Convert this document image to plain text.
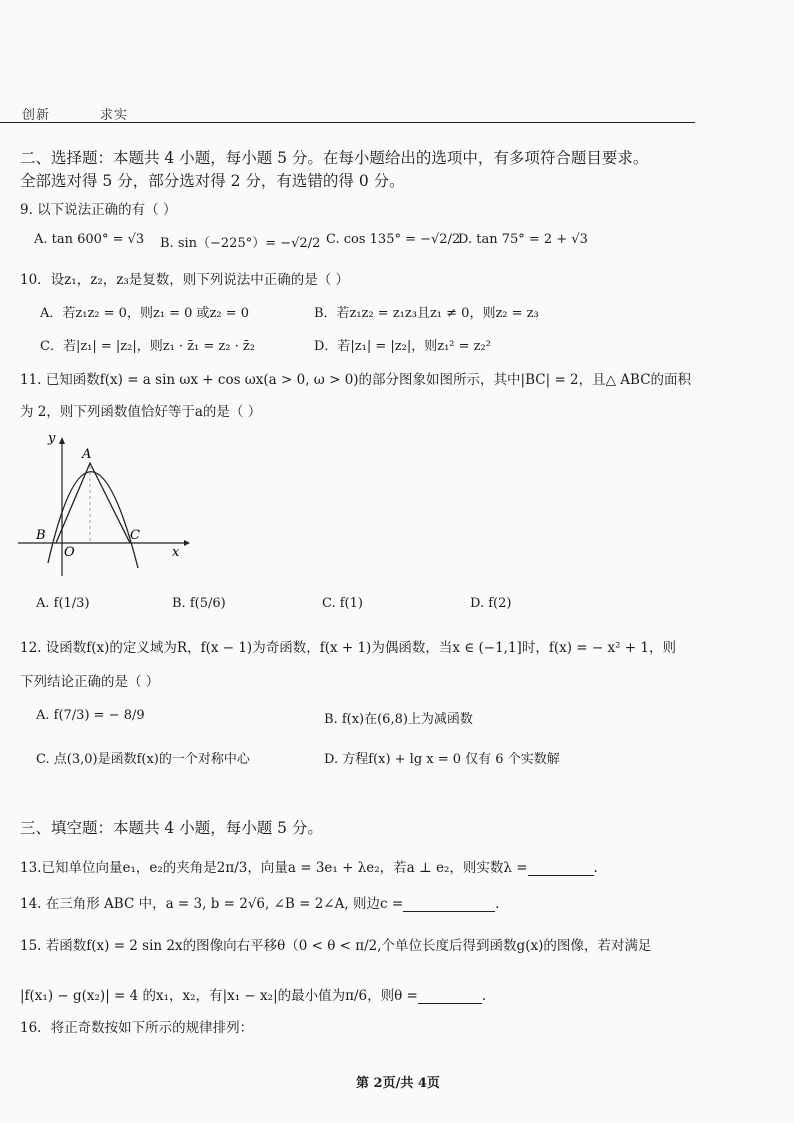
创新	求实
二、选择题：本题共 4 小题，每小题 5 分。在每小题给出的选项中，有多项符合题目要求。
全部选对得 5 分，部分选对得 2 分，有选错的得 0 分。
9. 以下说法正确的有（ ）
A. tan 600° = √3 B. sin（−225°）= −√2/2 C. cos 135° = −√2/2
D. tan 75° = 2 + √3
10．设z₁，z₂，z₃是复数，则下列说法中正确的是（ ）
A．若z₁z₂ = 0，则z₁ = 0 或z₂ = 0	B．若z₁z₂ = z₁z₃且z₁ ≠ 0，则z₂ = z₃
C．若|z₁| = |z₂|，则z₁ · z̄₁ = z₂ · z̄₂	D．若|z₁| = |z₂|，则z₁² = z₂²
11. 已知函数f(x) = a sin ωx + cos ωx(a > 0, ω > 0)的部分图象如图所示，其中|BC| = 2，且△ ABC的面积
为 2，则下列函数值恰好等于a的是（ ）
y
x
A
B	C
O
A. f(1/3)	B. f(5/6)	C. f(1)	D. f(2)
12. 设函数f(x)的定义域为R，f(x − 1)为奇函数，f(x + 1)为偶函数，当x ∈ (−1,1]时，f(x) = − x² + 1，则
下列结论正确的是（ ）
A. f(7/3) = − 8/9	B. f(x)在(6,8)上为减函数
C. 点(3,0)是函数f(x)的一个对称中心	D. 方程f(x) + lg x = 0 仅有 6 个实数解
三、填空题：本题共 4 小题，每小题 5 分。
13.已知单位向量e₁，e₂的夹角是2π/3，向量a = 3e₁ + λe₂，若a ⊥ e₂，则实数λ =	.
14. 在三角形 ABC 中，a = 3, b = 2√6, ∠B = 2∠A, 则边c =	.
15. 若函数f(x) = 2 sin 2x的图像向右平移θ（0 < θ < π/2,个单位长度后得到函数g(x)的图像，若对满足
|f(x₁) − g(x₂)| = 4 的x₁，x₂，有|x₁ − x₂|的最小值为π/6，则θ =	.
16．将正奇数按如下所示的规律排列：
第 2页/共 4页
